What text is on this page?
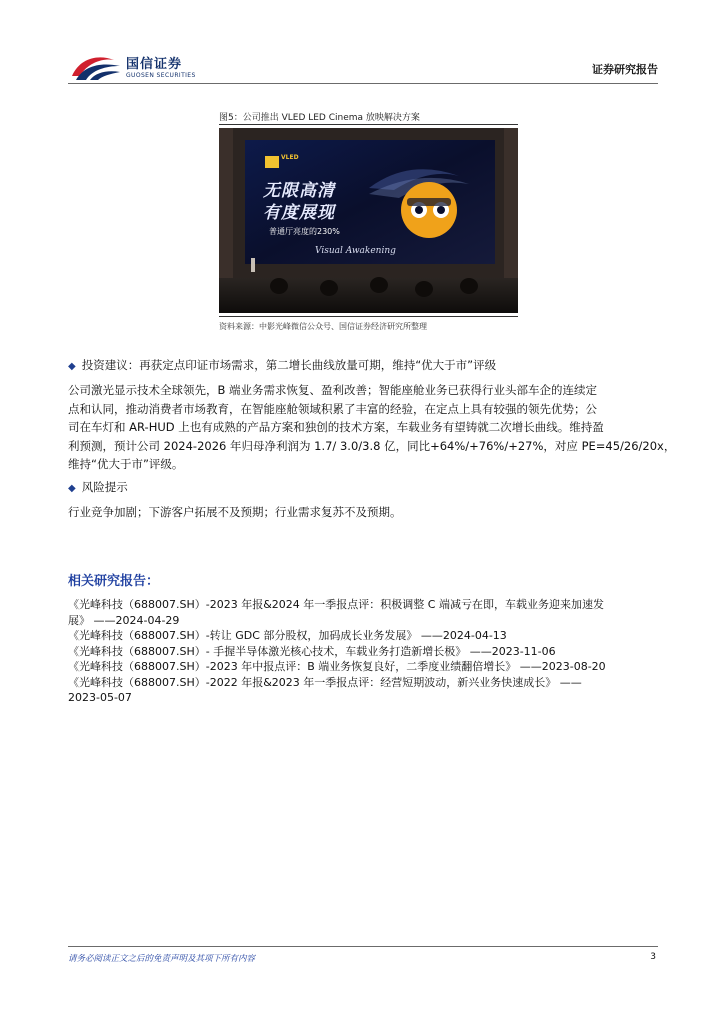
国信证券
GUOSEN SECURITIES	证券研究报告
图5：公司推出 VLED LED Cinema 放映解决方案
VLED
无限高清
有度展现
普通厅亮度的230%
Visual Awakening
资料来源：中影光峰微信公众号、国信证券经济研究所整理
◆ 投资建议：再获定点印证市场需求，第二增长曲线放量可期，维持“优大于市”评级
公司激光显示技术全球领先，B 端业务需求恢复、盈利改善；智能座舱业务已获得行业头部车企的连续定
点和认同，推动消费者市场教育，在智能座舱领域积累了丰富的经验，在定点上具有较强的领先优势；公
司在车灯和 AR-HUD 上也有成熟的产品方案和独创的技术方案，车载业务有望铸就二次增长曲线。维持盈
利预测，预计公司 2024-2026 年归母净利润为 1.7/ 3.0/3.8 亿，同比+64%/+76%/+27%，对应 PE=45/26/20x，
维持“优大于市”评级。
◆ 风险提示
行业竞争加剧；下游客户拓展不及预期；行业需求复苏不及预期。
相关研究报告：
《光峰科技（688007.SH）-2023 年报&2024 年一季报点评：积极调整 C 端减亏在即，车载业务迎来加速发
展》 ——2024-04-29
《光峰科技（688007.SH）-转让 GDC 部分股权，加码成长业务发展》 ——2024-04-13
《光峰科技（688007.SH）- 手握半导体激光核心技术，车载业务打造新增长极》 ——2023-11-06
《光峰科技（688007.SH）-2023 年中报点评：B 端业务恢复良好，二季度业绩翻倍增长》 ——2023-08-20
《光峰科技（688007.SH）-2022 年报&2023 年一季报点评：经营短期波动，新兴业务快速成长》 ——
2023-05-07
请务必阅读正文之后的免责声明及其项下所有内容	3
